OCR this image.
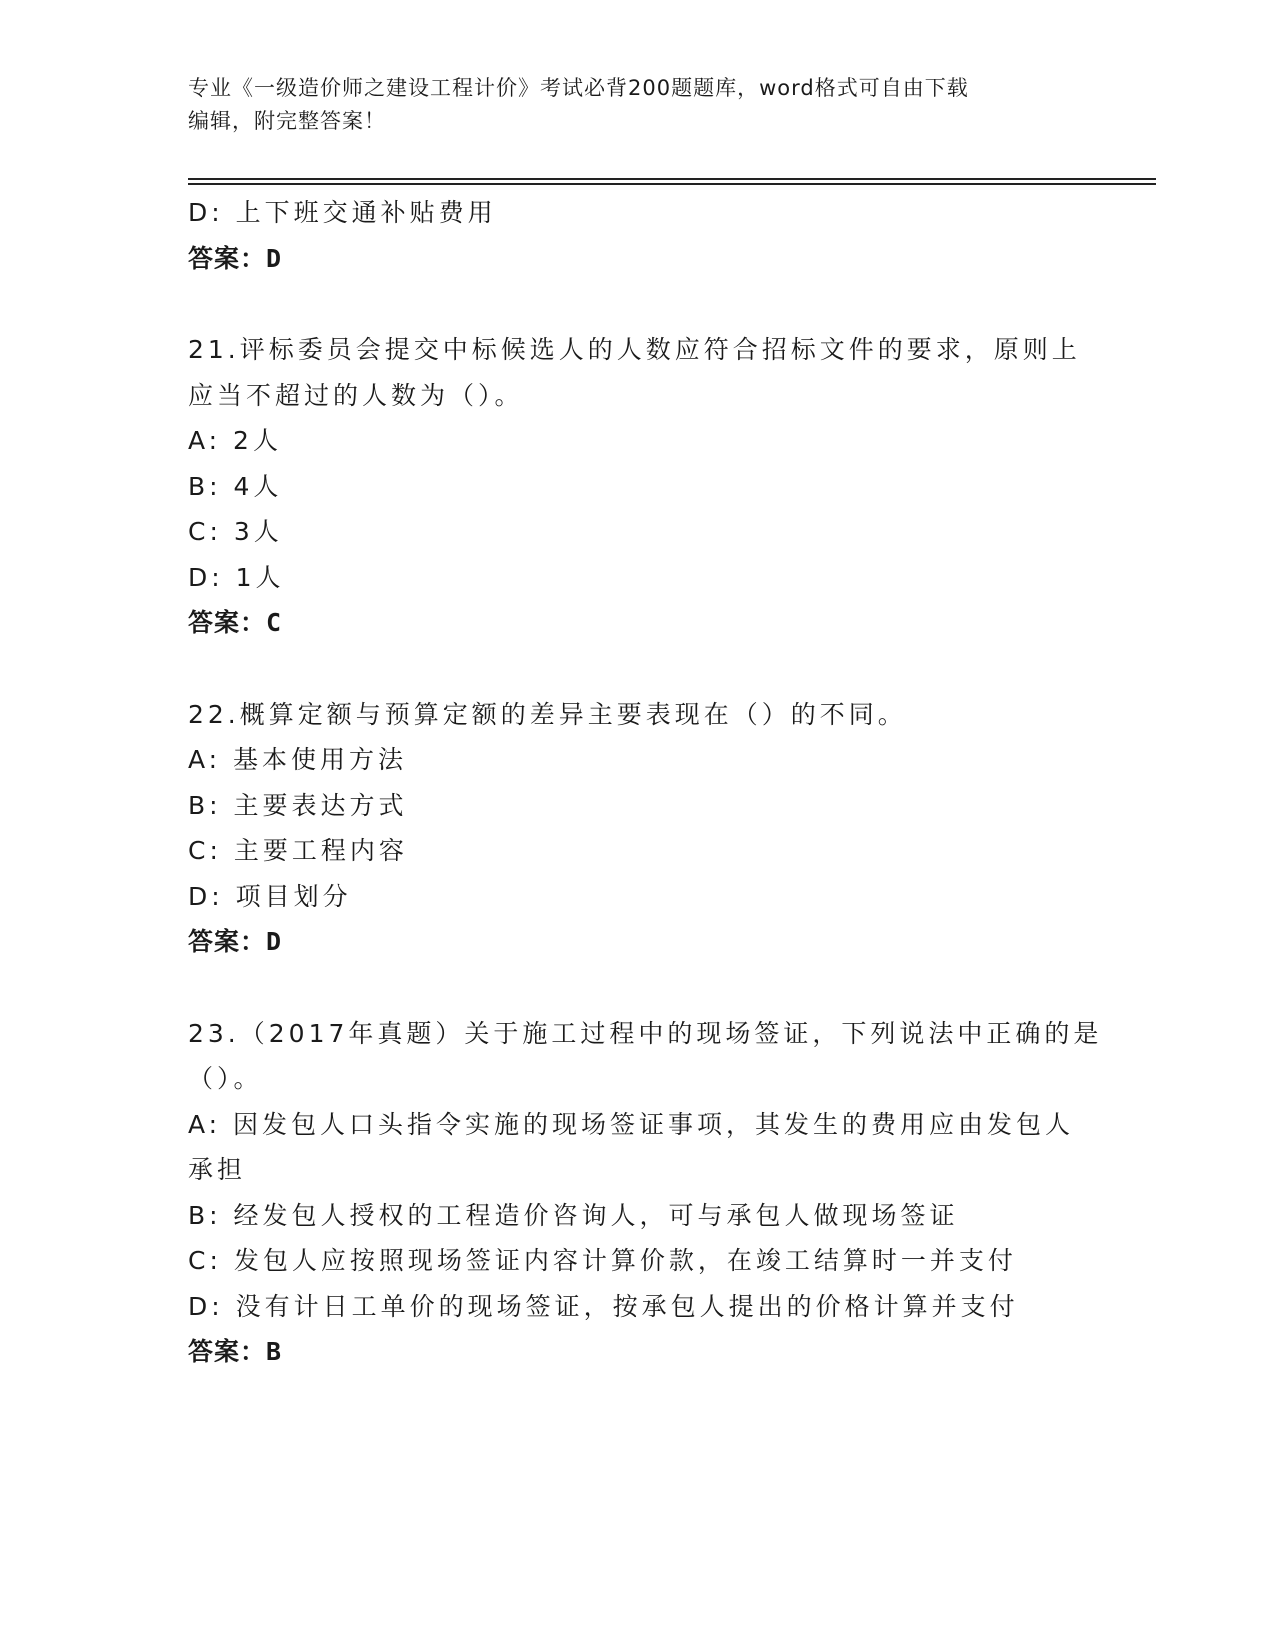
专业《一级造价师之建设工程计价》考试必背200题题库，word格式可自由下载
编辑，附完整答案！
D: 上下班交通补贴费用
答案：D
21.评标委员会提交中标候选人的人数应符合招标文件的要求，原则上
应当不超过的人数为（）。
A: 2人
B: 4人
C: 3人
D: 1人
答案：C
22.概算定额与预算定额的差异主要表现在（）的不同。
A: 基本使用方法
B: 主要表达方式
C: 主要工程内容
D: 项目划分
答案：D
23.（2017年真题）关于施工过程中的现场签证，下列说法中正确的是
（）。
A: 因发包人口头指令实施的现场签证事项，其发生的费用应由发包人
承担
B: 经发包人授权的工程造价咨询人，可与承包人做现场签证
C: 发包人应按照现场签证内容计算价款，在竣工结算时一并支付
D: 没有计日工单价的现场签证，按承包人提出的价格计算并支付
答案：B
